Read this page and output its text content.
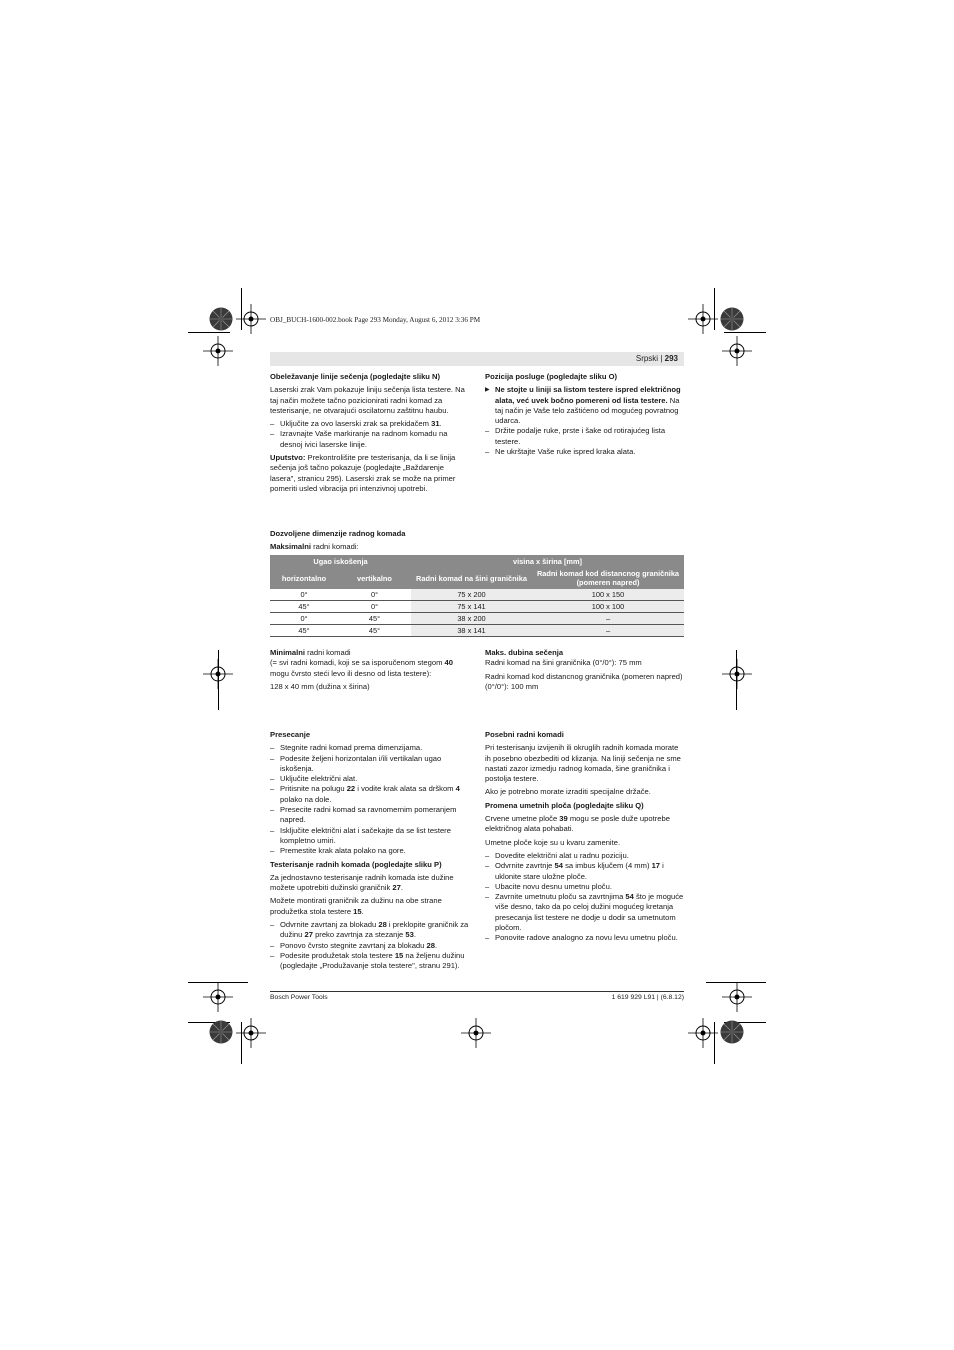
OBJ_BUCH-1600-002.book Page 293 Monday, August 6, 2012 3:36 PM
Srpski | 293
Obeležavanje linije sečenja (pogledajte sliku N)

Laserski zrak Vam pokazuje liniju sečenja lista testere. Na taj način možete tačno pozicionirati radni komad za testerisanje, ne otvarajući oscilatornu zaštitnu haubu.

– Uključite za ovo laserski zrak sa prekidačem 31.
– Izravnajte Vaše markiranje na radnom komadu na desnoj ivici laserske linije.

Uputstvo: Prekontrolišite pre testerisanja, da li se linija sečenja još tačno pokazuje (pogledajte „Baždarenje lasera", stranicu 295). Laserski zrak se može na primer pomeriti usled vibracija pri intenzivnoj upotrebi.

Pozicija posluge (pogledajte sliku O)
▶ Ne stojte u liniji sa listom testere ispred električnog alata, već uvek bočno pomereni od lista testere. Na taj način je Vaše telo zaštićeno od mogućeg povratnog udarca.
– Držite podalje ruke, prste i šake od rotirajućeg lista testere.
– Ne ukrštajte Vaše ruke ispred kraka alata.
Dozvoljene dimenzije radnog komada

Maksimalni radni komadi:

Ugao iskošenja		visina x širina [mm]	
horizontalno	vertikalno	Radni komad na šini graničnika	Radni komad kod distancnog graničnika (pomeren napred)
0°	0°	75 x 200	100 x 150
45°	0°	75 x 141	100 x 100
0°	45°	38 x 200	–
45°	45°	38 x 141	–

Minimalni radni komadi

(= svi radni komadi, koji se sa isporučenom stegom 40 mogu čvrsto steći levo ili desno od lista testere):

128 x 40 mm (dužina x širina)

Maks. dubina sečenja

Radni komad na šini graničnika (0°/0°): 75 mm

Radni komad kod distancnog graničnika (pomeren napred) (0°/0°): 100 mm

Presecanje
– Stegnite radni komad prema dimenzijama.
– Podesite željeni horizontalan i/ili vertikalan ugao iskošenja.
– Uključite električni alat.
– Pritisnite na polugu 22 i vodite krak alata sa drškom 4 polako na dole.
– Presecite radni komad sa ravnomernim pomeranjem napred.
– Isključite električni alat i sačekajte da se list testere kompletno umiri.
– Premestite krak alata polako na gore.
Testerisanje radnih komada (pogledajte sliku P)

Za jednostavno testerisanje radnih komada iste dužine možete upotrebiti dužinski graničnik 27.

Možete montirati graničnik za dužinu na obe strane produžetka stola testere 15.

– Odvrnite zavrtanj za blokadu 28 i preklopite graničnik za dužinu 27 preko zavrtnja za stezanje 53.
– Ponovo čvrsto stegnite zavrtanj za blokadu 28.
– Podesite produžetak stola testere 15 na željenu dužinu (pogledajte „Produžavanje stola testere", stranu 291).
Posebni radni komadi

Pri testerisanju izvijenih ili okruglih radnih komada morate ih posebno obezbediti od klizanja. Na liniji sečenja ne sme nastati zazor izmedju radnog komada, šine graničnika i postolja testere.

Ako je potrebno morate izraditi specijalne držače.

Promena umetnih ploča (pogledajte sliku Q)

Crvene umetne ploče 39 mogu se posle duže upotrebe električnog alata pohabati.

Umetne ploče koje su u kvaru zamenite.

– Dovedite električni alat u radnu poziciju.
– Odvrnite zavrtnje 54 sa imbus ključem (4 mm) 17 i uklonite stare uložne ploče.
– Ubacite novu desnu umetnu ploču.
– Zavrnite umetnutu ploču sa zavrtnjima 54 što je moguće više desno, tako da po celoj dužini mogućeg kretanja presecanja list testere ne dodje u dodir sa umetnutom pločom.
– Ponovite radove analogno za novu levu umetnu ploču.
Bosch Power Tools	1 619 929 L91 | (6.8.12)
